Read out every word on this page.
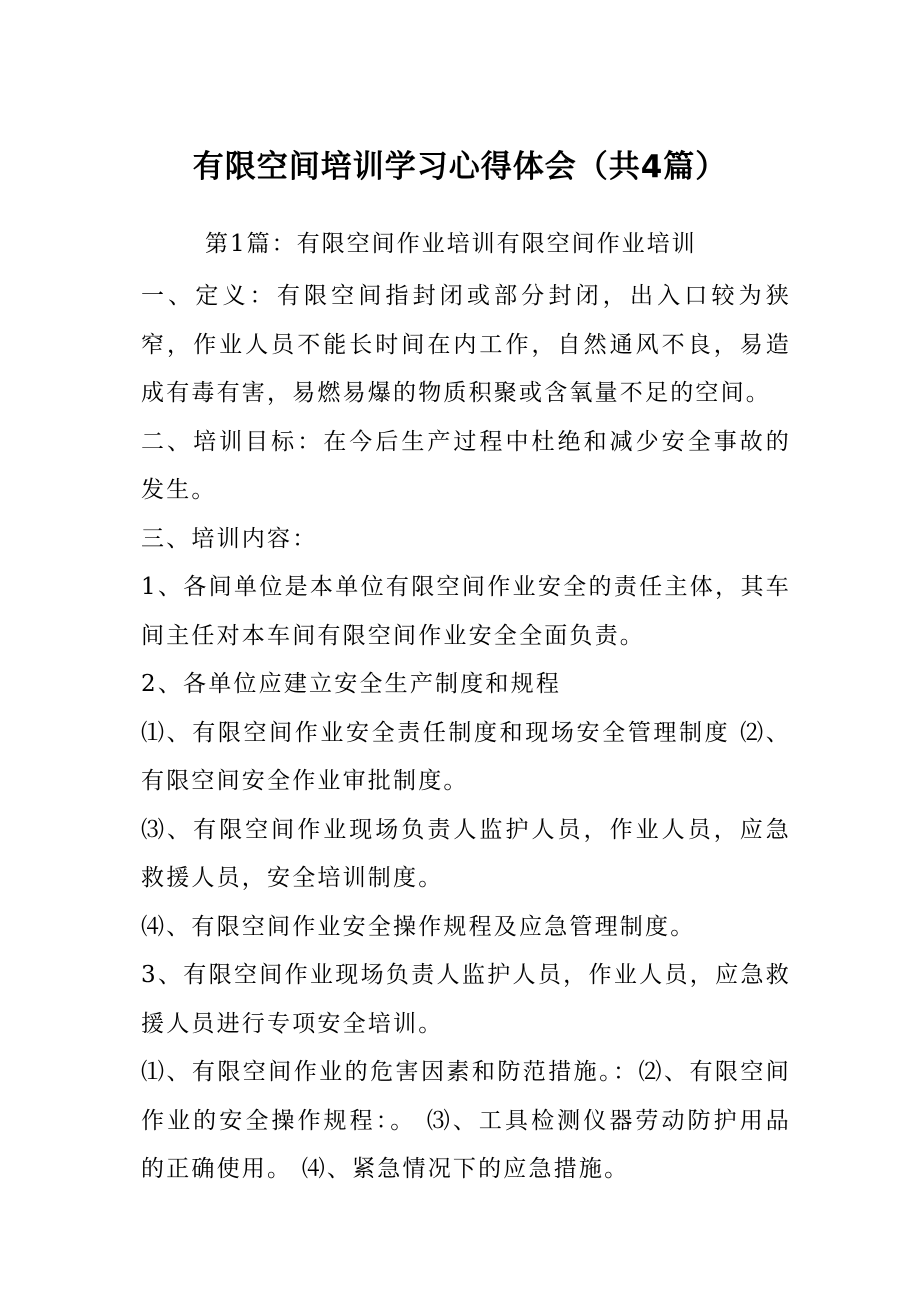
有限空间培训学习心得体会（共4篇）

第1篇：有限空间作业培训有限空间作业培训

一、定义：有限空间指封闭或部分封闭，出入口较为狭窄，作业人员不能长时间在内工作，自然通风不良，易造成有毒有害，易燃易爆的物质积聚或含氧量不足的空间。

二、培训目标：在今后生产过程中杜绝和减少安全事故的发生。

三、培训内容：

1、各间单位是本单位有限空间作业安全的责任主体，其车间主任对本车间有限空间作业安全全面负责。

2、各单位应建立安全生产制度和规程

⑴、有限空间作业安全责任制度和现场安全管理制度 ⑵、有限空间安全作业审批制度。

⑶、有限空间作业现场负责人监护人员，作业人员，应急救援人员，安全培训制度。

⑷、有限空间作业安全操作规程及应急管理制度。

3、有限空间作业现场负责人监护人员，作业人员，应急救援人员进行专项安全培训。

⑴、有限空间作业的危害因素和防范措施。：⑵、有限空间作业的安全操作规程：。 ⑶、工具检测仪器劳动防护用品的正确使用。 ⑷、紧急情况下的应急措施。
